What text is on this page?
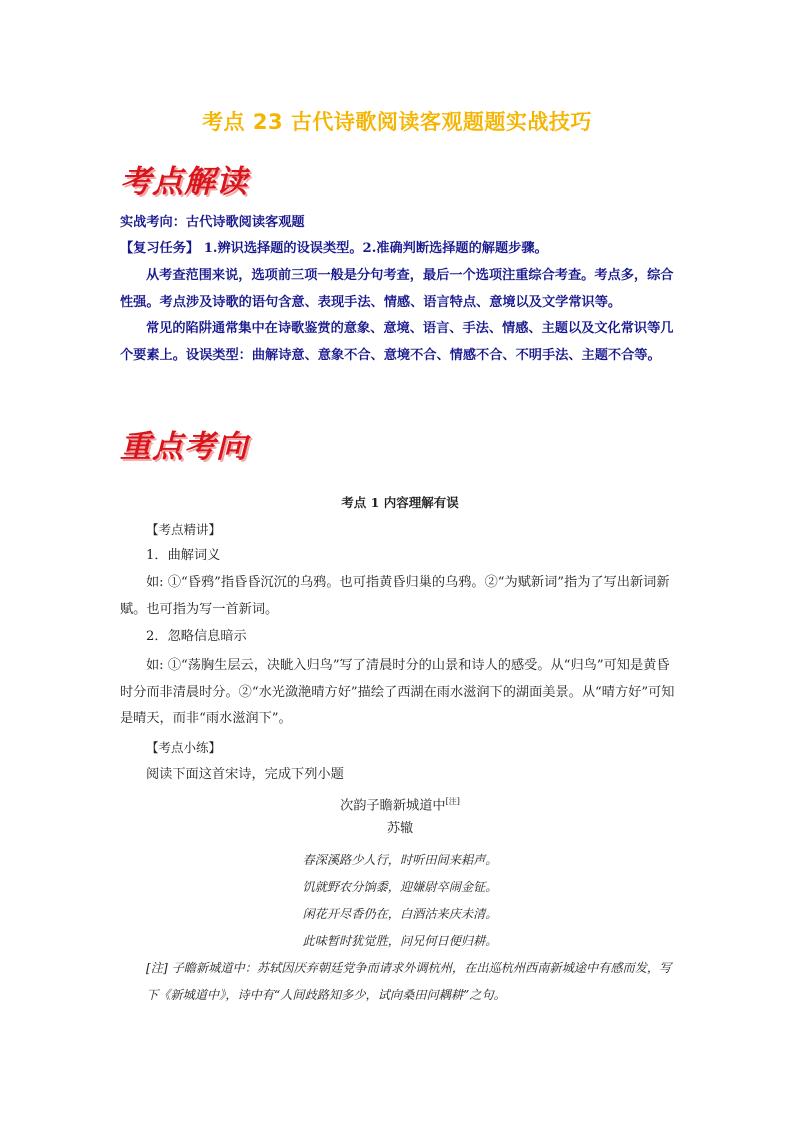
考点 23 古代诗歌阅读客观题题实战技巧
考点解读

实战考向：古代诗歌阅读客观题

【复习任务】 1.辨识选择题的设误类型。2.准确判断选择题的解题步骤。

从考查范围来说，选项前三项一般是分句考查，最后一个选项注重综合考查。考点多，综合性强。考点涉及诗歌的语句含意、表现手法、情感、语言特点、意境以及文学常识等。

常见的陷阱通常集中在诗歌鉴赏的意象、意境、语言、手法、情感、主题以及文化常识等几个要素上。设误类型：曲解诗意、意象不合、意境不合、情感不合、不明手法、主题不合等。

重点考向

考点 1 内容理解有误

【考点精讲】

1．曲解词义

如: ①“昏鸦”指昏昏沉沉的乌鸦。也可指黄昏归巢的乌鸦。②“为赋新词”指为了写出新词新赋。也可指为写一首新词。

2．忽略信息暗示

如: ①“荡胸生层云，决眦入归鸟”写了清晨时分的山景和诗人的感受。从“归鸟”可知是黄昏时分而非清晨时分。②“水光潋滟晴方好”描绘了西湖在雨水滋润下的湖面美景。从“晴方好”可知是晴天，而非“雨水滋润下”。

【考点小练】

阅读下面这首宋诗，完成下列小题

次韵子瞻新城道中[注]

苏辙

春深溪路少人行，时听田间来耜声。

饥就野农分饷黍，迎嫌尉卒闹金钲。

闲花开尽香仍在，白酒沽来庆未清。

此味暂时犹觉胜，问兄何日便归耕。

[注] 子瞻新城道中：苏轼因厌弃朝廷党争而请求外调杭州，在出巡杭州西南新城途中有感而发，写下《新城道中》，诗中有“人间歧路知多少，试向桑田问耦耕”之句。
